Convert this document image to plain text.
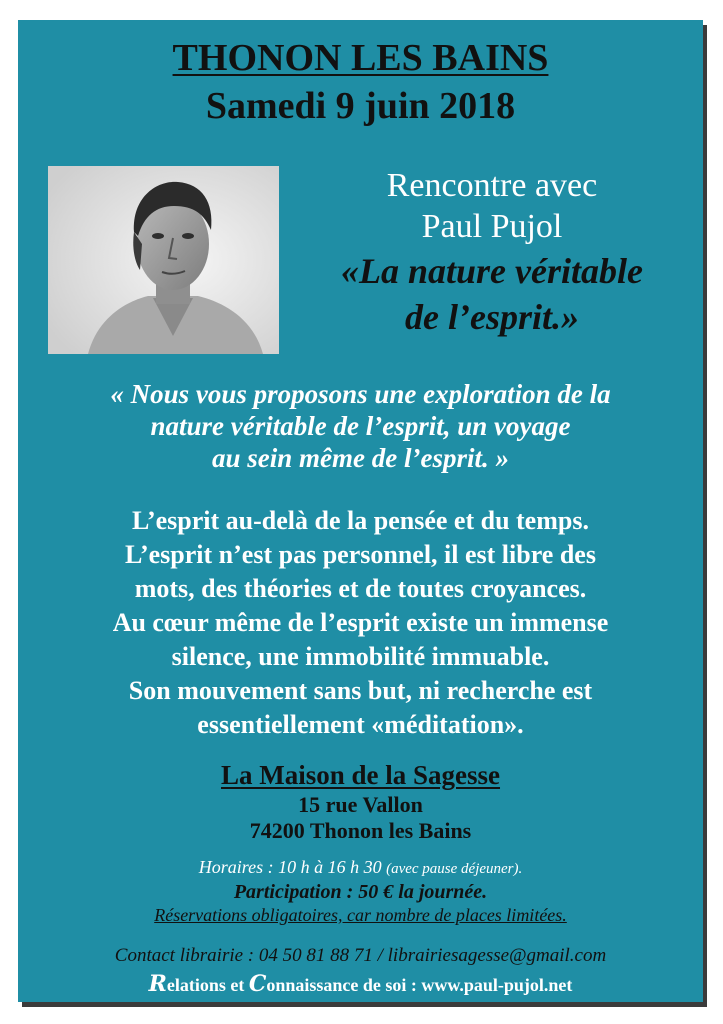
THONON LES BAINS
Samedi 9 juin 2018
Rencontre avec
Paul Pujol
«La nature véritable
de l’esprit.»
« Nous vous proposons une exploration de la
nature véritable de l’esprit, un voyage
au sein même de l’esprit. »
L’esprit au-delà de la pensée et du temps.
L’esprit n’est pas personnel, il est libre des
mots, des théories et de toutes croyances.
Au cœur même de l’esprit existe un immense
silence, une immobilité immuable.
Son mouvement sans but, ni recherche est
essentiellement «méditation».
La Maison de la Sagesse
15 rue Vallon
74200 Thonon les Bains
Horaires : 10 h à 16 h 30 (avec pause déjeuner).
Participation : 50 € la journée.
Réservations obligatoires, car nombre de places limitées.
Contact librairie : 04 50 81 88 71 / librairiesagesse@gmail.com
Relations et Connaissance de soi : www.paul-pujol.net
